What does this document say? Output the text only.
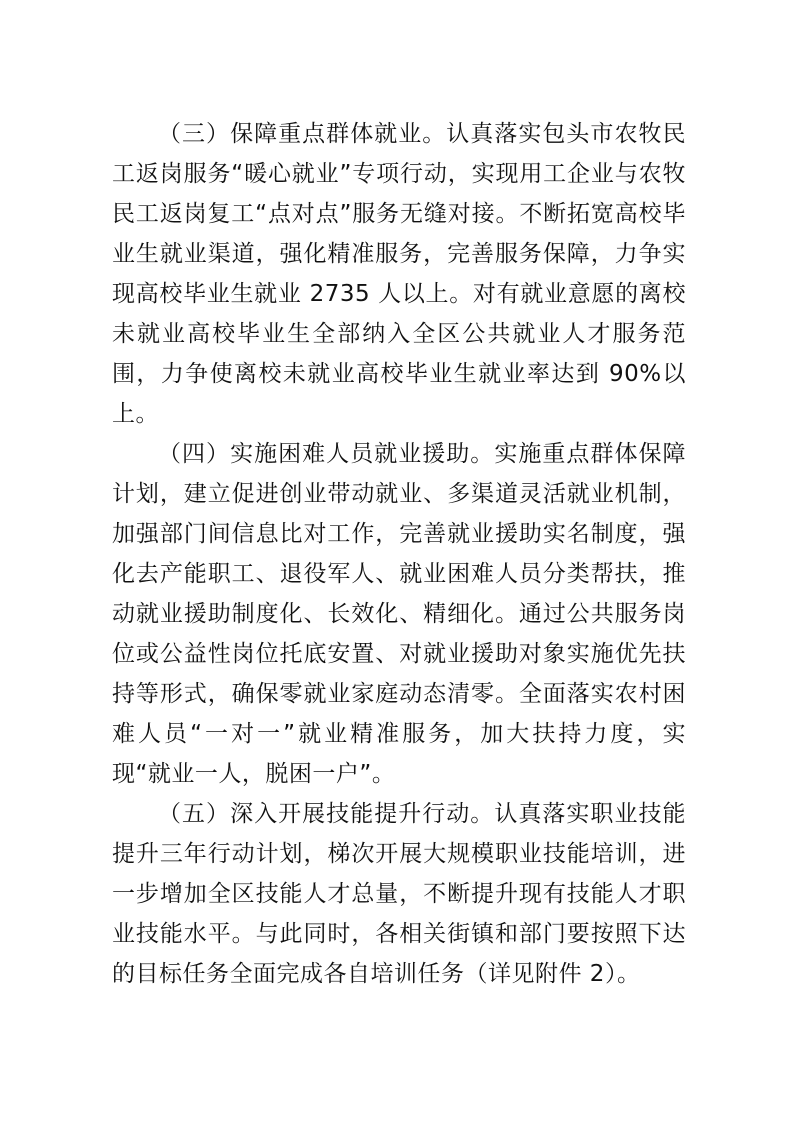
（三）保障重点群体就业。认真落实包头市农牧民工返岗服务“暖心就业”专项行动，实现用工企业与农牧民工返岗复工“点对点”服务无缝对接。不断拓宽高校毕业生就业渠道，强化精准服务，完善服务保障，力争实现高校毕业生就业 2735 人以上。对有就业意愿的离校未就业高校毕业生全部纳入全区公共就业人才服务范围，力争使离校未就业高校毕业生就业率达到 90%以上。

（四）实施困难人员就业援助。实施重点群体保障计划，建立促进创业带动就业、多渠道灵活就业机制，加强部门间信息比对工作，完善就业援助实名制度，强化去产能职工、退役军人、就业困难人员分类帮扶，推动就业援助制度化、长效化、精细化。通过公共服务岗位或公益性岗位托底安置、对就业援助对象实施优先扶持等形式，确保零就业家庭动态清零。全面落实农村困难人员“一对一”就业精准服务，加大扶持力度，实现“就业一人，脱困一户”。

（五）深入开展技能提升行动。认真落实职业技能提升三年行动计划，梯次开展大规模职业技能培训，进一步增加全区技能人才总量，不断提升现有技能人才职业技能水平。与此同时，各相关街镇和部门要按照下达的目标任务全面完成各自培训任务（详见附件 2）。
